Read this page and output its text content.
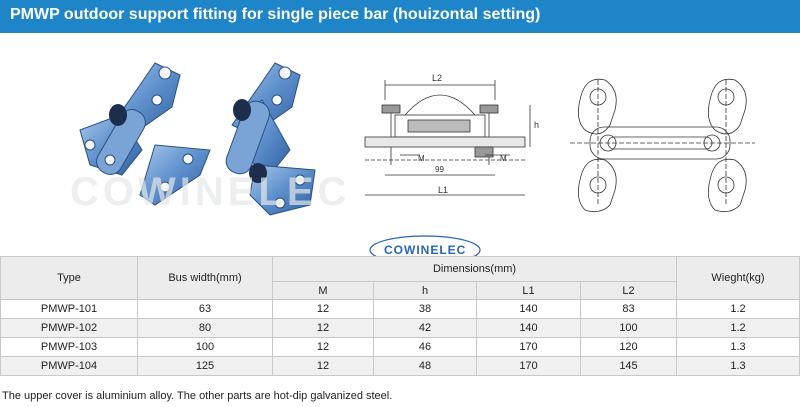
PMWP outdoor support fitting for single piece bar (houizontal setting)
COWINELEC
L2
h
M	M
99
L1
COWINELEC
Type	Bus width(mm)	Dimensions(mm)				Wieght(kg)
		M	h	L1	L2	
PMWP-101	63	12	38	140	83	1.2
PMWP-102	80	12	42	140	100	1.2
PMWP-103	100	12	46	170	120	1.3
PMWP-104	125	12	48	170	145	1.3
The upper cover is aluminium alloy. The other parts are hot-dip galvanized steel.
